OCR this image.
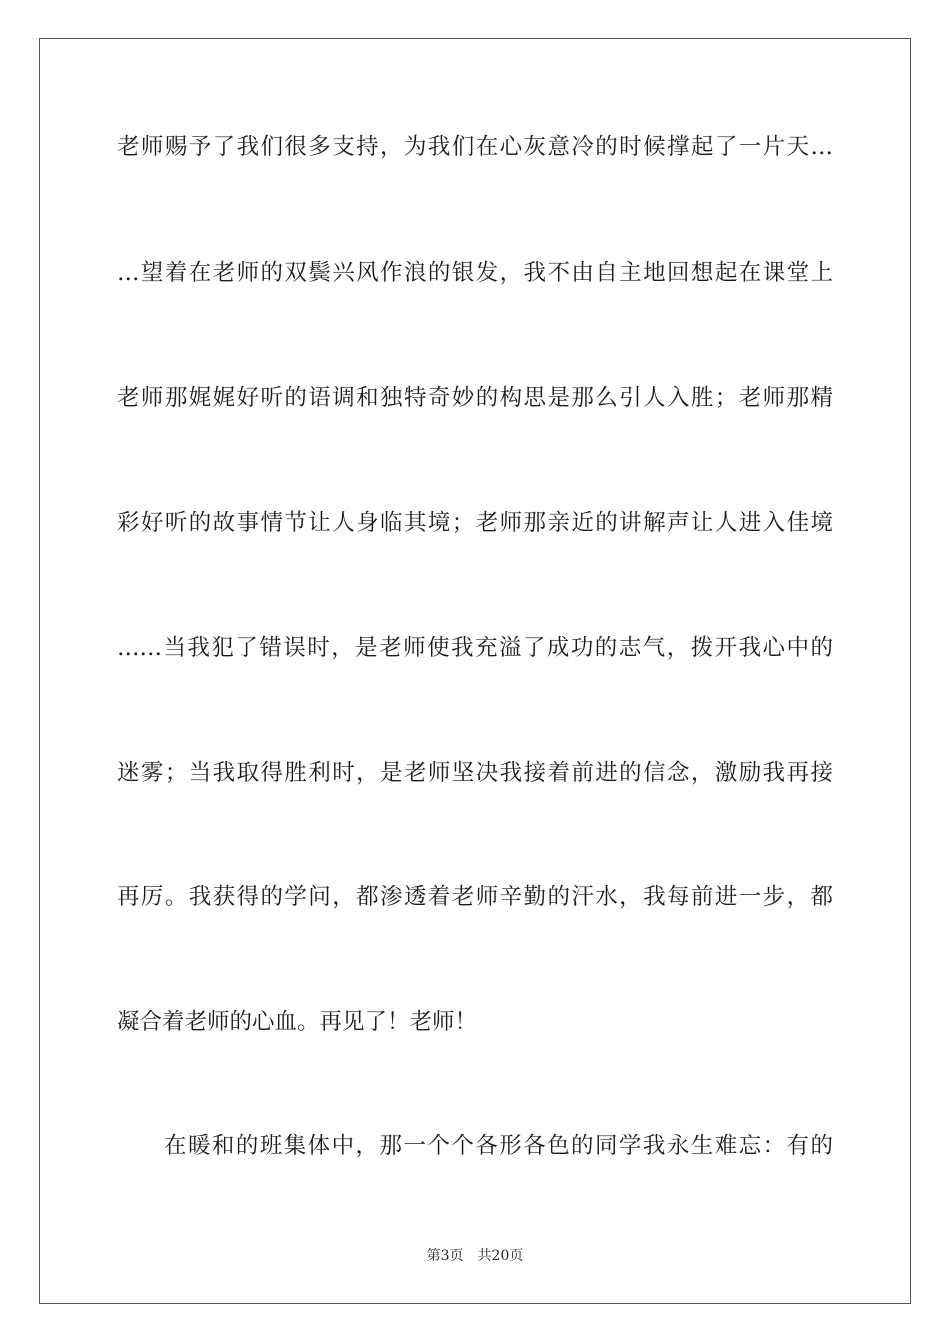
老师赐予了我们很多支持，为我们在心灰意冷的时候撑起了一片天…
…望着在老师的双鬓兴风作浪的银发，我不由自主地回想起在课堂上
老师那娓娓好听的语调和独特奇妙的构思是那么引人入胜；老师那精
彩好听的故事情节让人身临其境；老师那亲近的讲解声让人进入佳境
……当我犯了错误时，是老师使我充溢了成功的志气，拨开我心中的
迷雾；当我取得胜利时，是老师坚决我接着前进的信念，激励我再接
再厉。我获得的学问，都渗透着老师辛勤的汗水，我每前进一步，都
凝合着老师的心血。再见了！老师！
在暖和的班集体中，那一个个各形各色的同学我永生难忘：有的
第3页 共20页
